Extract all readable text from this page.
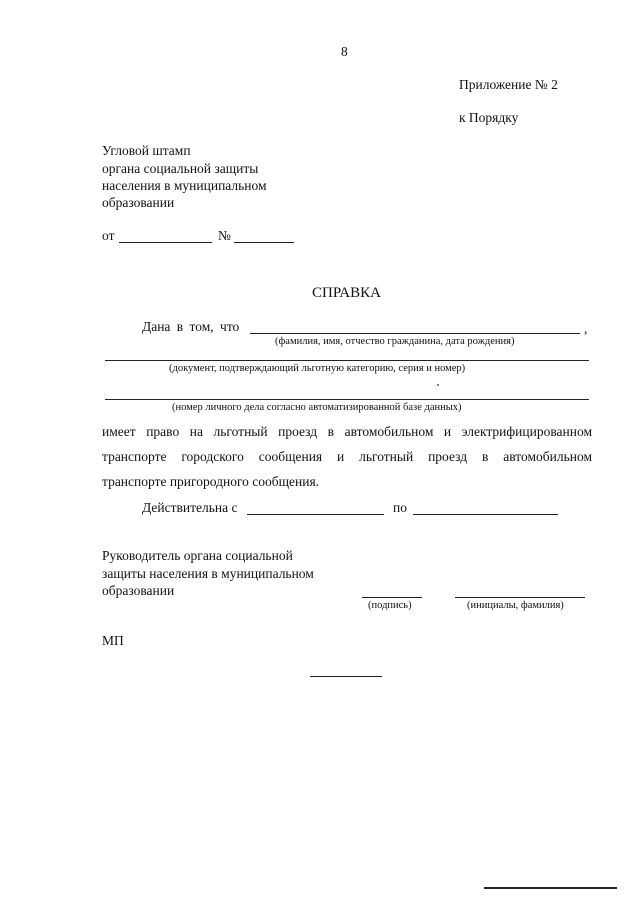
8
Приложение № 2
к Порядку
Угловой штамп
органа социальной защиты
населения в муниципальном
образовании
от	№
СПРАВКА
Дана в том, что	,
(фамилия, имя, отчество гражданина, дата рождения)
(документ, подтверждающий льготную категорию, серия и номер)
(номер личного дела согласно автоматизированной базе данных)
имеет право на льготный проезд в автомобильном и электрифицированном
транспорте городского сообщения и льготный проезд в автомобильном
транспорте пригородного сообщения.
Действительна с	по
Руководитель органа социальной
защиты населения в муниципальном
образовании
(подпись)	(инициалы, фамилия)
МП
